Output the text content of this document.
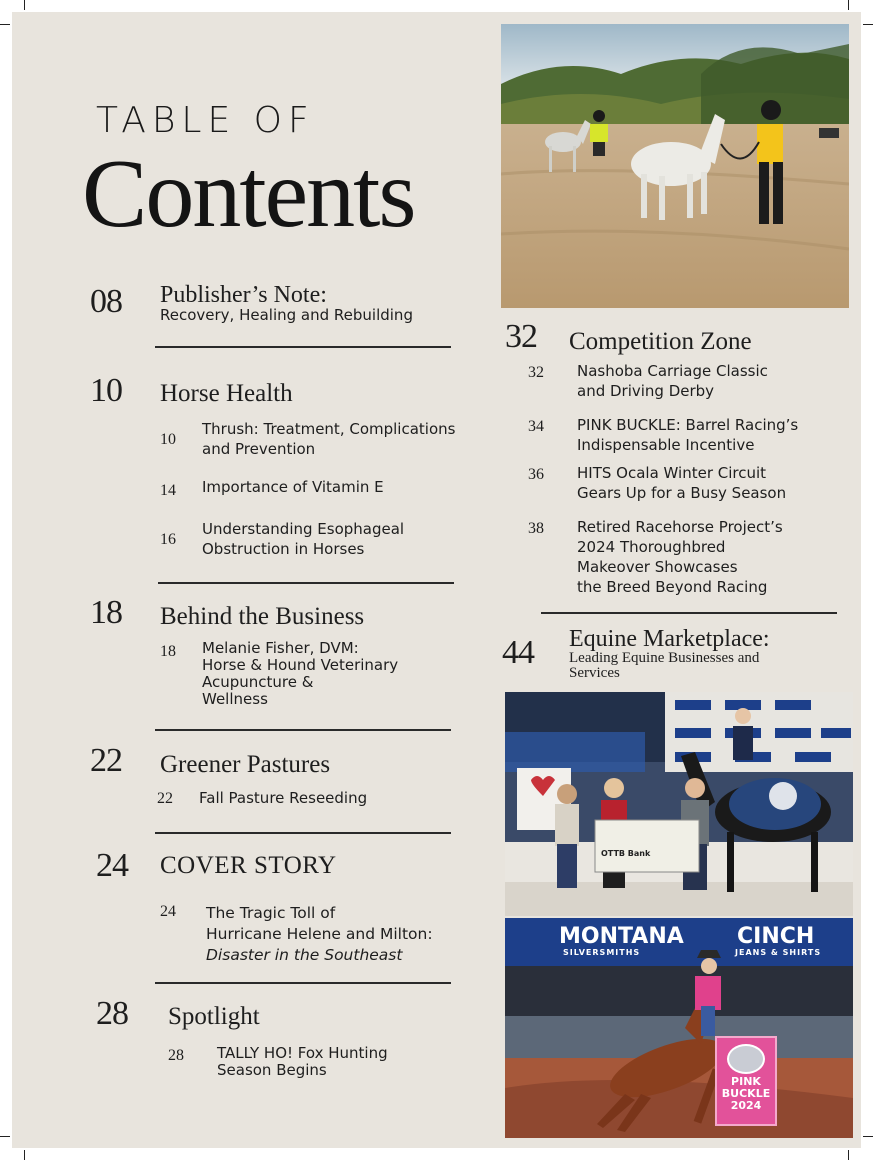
TABLE OF
Contents
08 Publisher’s Note:
Recovery, Healing and Rebuilding
10 Horse Health
10
Thrush: Treatment, Complications
and Prevention
14 Importance of Vitamin E
16
Understanding Esophageal
Obstruction in Horses
18 Behind the Business
18 Melanie Fisher, DVM:
Horse & Hound Veterinary
Acupuncture &
Wellness
22 Greener Pastures
22 Fall Pasture Reseeding
24 COVER STORY
24 The Tragic Toll of
Hurricane Helene and Milton:
Disaster in the Southeast
28 Spotlight
28 TALLY HO! Fox Hunting
Season Begins
32 Competition Zone
32 Nashoba Carriage Classic
and Driving Derby
34 PINK BUCKLE: Barrel Racing’s
Indispensable Incentive
36 HITS Ocala Winter Circuit
Gears Up for a Busy Season
38 Retired Racehorse Project’s
2024 Thoroughbred
Makeover Showcases
the Breed Beyond Racing
44 Equine Marketplace:
Leading Equine Businesses and
Services
OTTB Bank
MONTANA
SILVERSMITHS
CINCH
JEANS & SHIRTS
PINK
BUCKLE
2024
